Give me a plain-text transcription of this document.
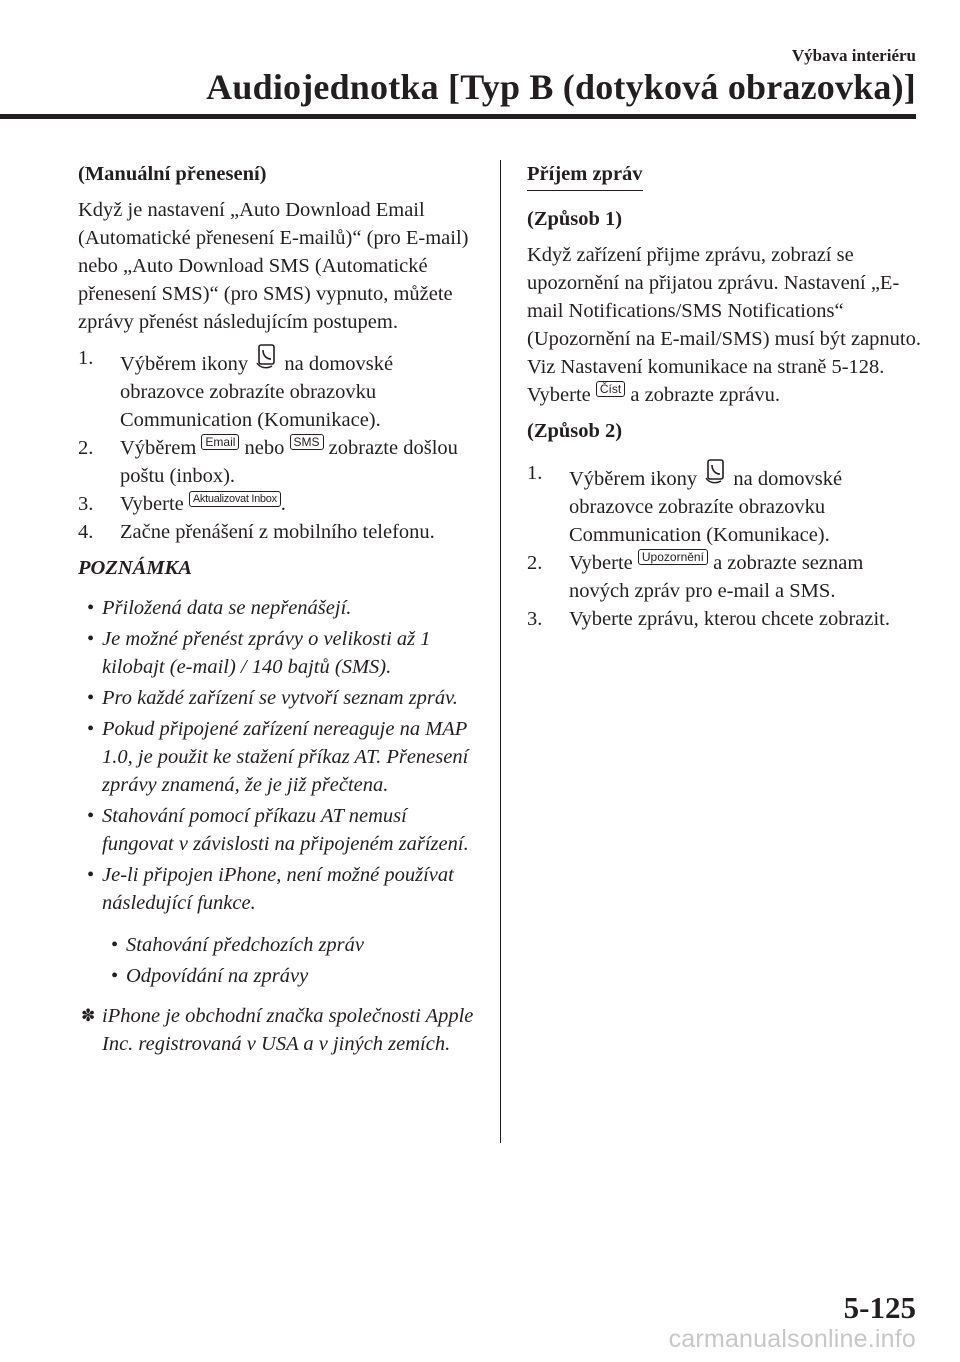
Výbava interiéru
Audiojednotka [Typ B (dotyková obrazovka)]

(Manuální přenesení)

Když je nastavení „Auto Download Email (Automatické přenesení E-mailů)“ (pro E-mail) nebo „Auto Download SMS (Automatické přenesení SMS)“ (pro SMS) vypnuto, můžete zprávy přenést následujícím postupem.

1. Výběrem ikony na domovské obrazovce zobrazíte obrazovku Communication (Komunikace).
2. Výběrem Email nebo SMS zobrazte došlou poštu (inbox).
3. Vyberte Aktualizovat Inbox .
4. Začne přenášení z mobilního telefonu.

POZNÁMKA

• Přiložená data se nepřenášejí.
• Je možné přenést zprávy o velikosti až 1 kilobajt (e-mail) / 140 bajtů (SMS).
• Pro každé zařízení se vytvoří seznam zpráv.
• Pokud připojené zařízení nereaguje na MAP 1.0, je použit ke stažení příkaz AT. Přenesení zprávy znamená, že je již přečtena.
• Stahování pomocí příkazu AT nemusí fungovat v závislosti na připojeném zařízení.
• Je-li připojen iPhone, není možné používat následující funkce.
• Stahování předchozích zpráv
• Odpovídání na zprávy

✽ iPhone je obchodní značka společnosti Apple Inc. registrovaná v USA a v jiných zemích.

Příjem zpráv

(Způsob 1)

Když zařízení přijme zprávu, zobrazí se upozornění na přijatou zprávu. Nastavení „E-mail Notifications/SMS Notifications“ (Upozornění na E-mail/SMS) musí být zapnuto.

Viz Nastavení komunikace na straně 5-128.

Vyberte Číst a zobrazte zprávu.

(Způsob 2)

1. Výběrem ikony na domovské obrazovce zobrazíte obrazovku Communication (Komunikace).
2. Vyberte Upozornění a zobrazte seznam nových zpráv pro e-mail a SMS.
3. Vyberte zprávu, kterou chcete zobrazit.
5-125
carmanualsonline.info
